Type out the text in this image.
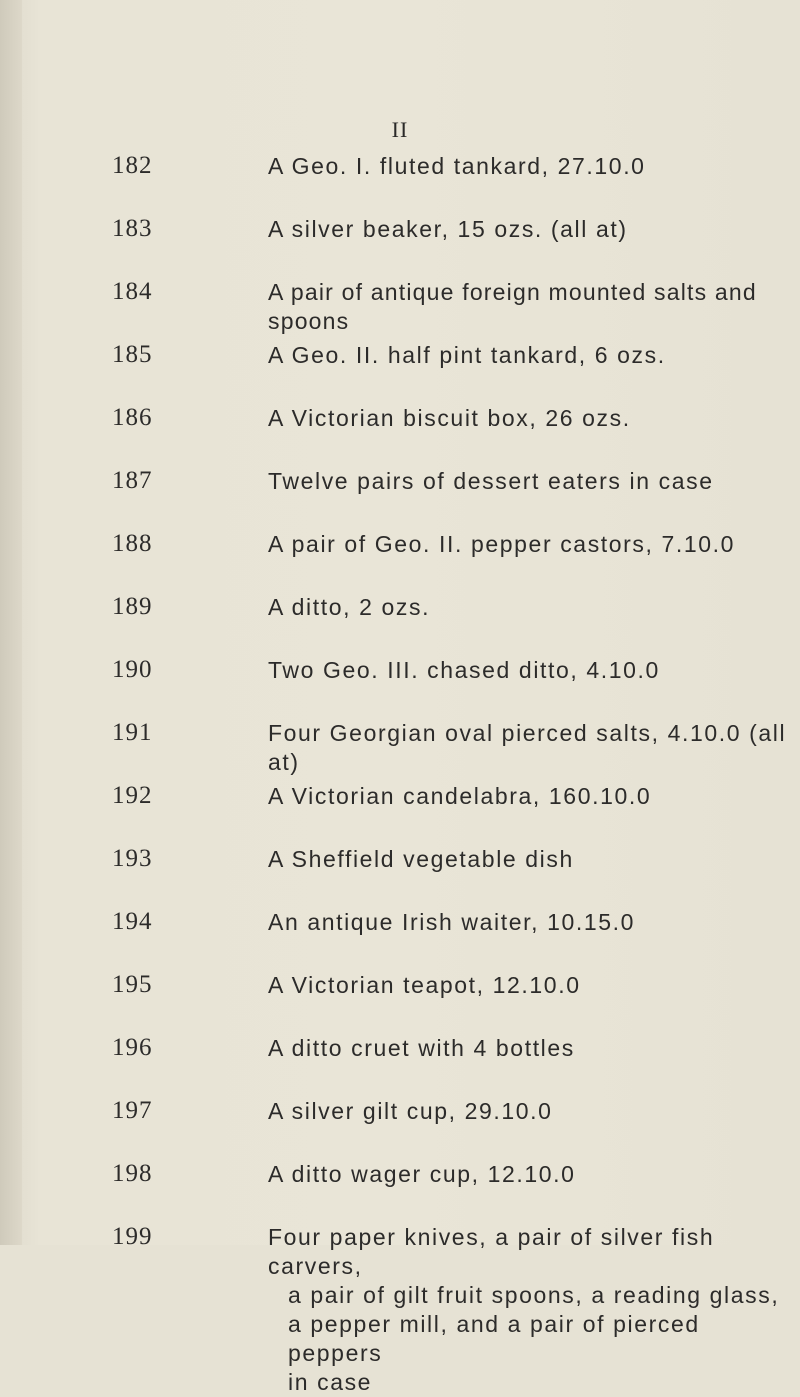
II
182	A Geo. I. fluted tankard, 27.10.0
183	A silver beaker, 15 ozs. (all at)
184	A pair of antique foreign mounted salts and spoons
185	A Geo. II. half pint tankard, 6 ozs.
186	A Victorian biscuit box, 26 ozs.
187	Twelve pairs of dessert eaters in case
188	A pair of Geo. II. pepper castors, 7.10.0
189	A ditto, 2 ozs.
190	Two Geo. III. chased ditto, 4.10.0
191	Four Georgian oval pierced salts, 4.10.0 (all at)
192	A Victorian candelabra, 160.10.0
193	A Sheffield vegetable dish
194	An antique Irish waiter, 10.15.0
195	A Victorian teapot, 12.10.0
196	A ditto cruet with 4 bottles
197	A silver gilt cup, 29.10.0
198	A ditto wager cup, 12.10.0
199	Four paper knives, a pair of silver fish carvers,
a pair of gilt fruit spoons, a reading glass,
a pepper mill, and a pair of pierced peppers
in case
